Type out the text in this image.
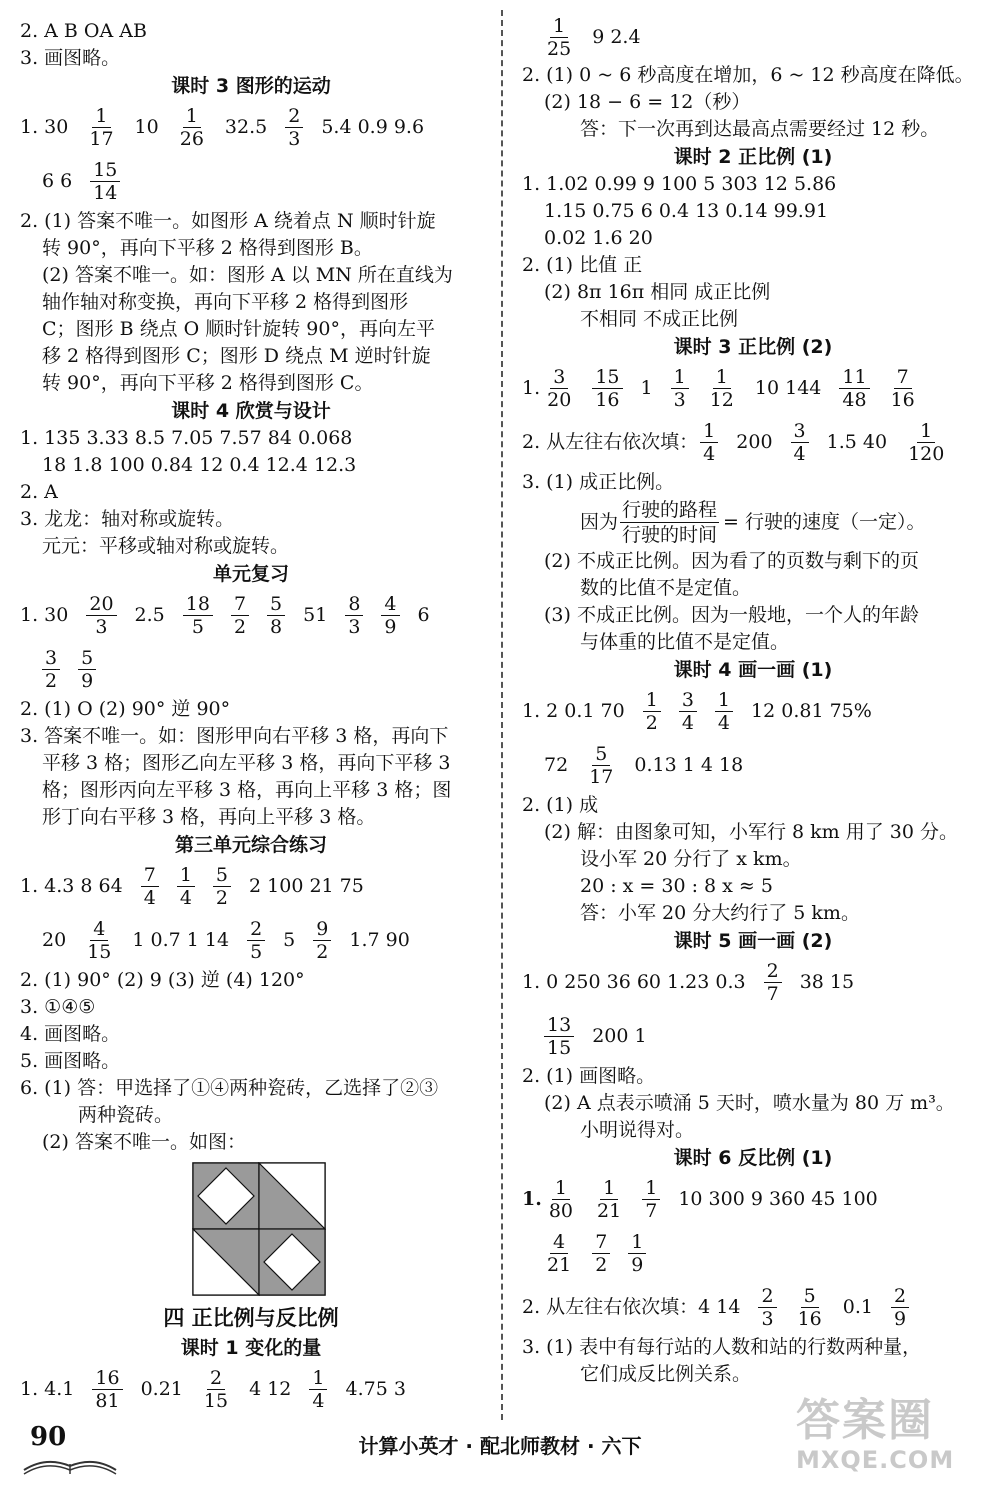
2. A B OA AB
3. 画图略。
课时 3 图形的运动
1. 30 1
17
10 1
26
32.5 2
3
5.4 0.9 9.6
6 6 15
14
2. (1) 答案不唯一。如图形 A 绕着点 N 顺时针旋
转 90°，再向下平移 2 格得到图形 B。
(2) 答案不唯一。如：图形 A 以 MN 所在直线为
轴作轴对称变换，再向下平移 2 格得到图形
C；图形 B 绕点 O 顺时针旋转 90°，再向左平
移 2 格得到图形 C；图形 D 绕点 M 逆时针旋
转 90°，再向下平移 2 格得到图形 C。
课时 4 欣赏与设计
1. 135 3.33 8.5 7.05 7.57 84 0.068
18 1.8 100 0.84 12 0.4 12.4 12.3
2. A
3. 龙龙：轴对称或旋转。
元元：平移或轴对称或旋转。
单元复习
1. 30 20
3
2.5 18
5
7
2
5
8
51 8
3
4
9
6
3
2
5
9
2. (1) O (2) 90° 逆 90°
3. 答案不唯一。如：图形甲向右平移 3 格，再向下
平移 3 格；图形乙向左平移 3 格，再向下平移 3
格；图形丙向左平移 3 格，再向上平移 3 格；图
形丁向右平移 3 格，再向上平移 3 格。
第三单元综合练习
1. 4.3 8 64 7
4
1
4
5
2
2 100 21 75
20 4
15
1 0.7 1 14 2
5
5 9
2
1.7 90
2. (1) 90° (2) 9 (3) 逆 (4) 120°
3. ①④⑤
4. 画图略。
5. 画图略。
6. (1) 答：甲选择了①④两种瓷砖，乙选择了②③
两种瓷砖。
(2) 答案不唯一。如图：
四 正比例与反比例
课时 1 变化的量
1. 4.1 16
81
0.21 2
15
4 12 1
4
4.75 3
1
25
9 2.4
2. (1) 0 ~ 6 秒高度在增加，6 ~ 12 秒高度在降低。
(2) 18 − 6 = 12（秒）
答：下一次再到达最高点需要经过 12 秒。
课时 2 正比例 (1)
1. 1.02 0.99 9 100 5 303 12 5.86
1.15 0.75 6 0.4 13 0.14 99.91
0.02 1.6 20
2. (1) 比值 正
(2) 8π 16π 相同 成正比例
不相同 不成正比例
课时 3 正比例 (2)
1. 3
20
15
16
1 1
3
1
12
10 144 11
48
7
16
2. 从左往右依次填： 1
4
200 3
4
1.5 40 1
120
3. (1) 成正比例。
因为
行驶的路程
行驶的时间
= 行驶的速度（一定）。
(2) 不成正比例。因为看了的页数与剩下的页
数的比值不是定值。
(3) 不成正比例。因为一般地，一个人的年龄
与体重的比值不是定值。
课时 4 画一画 (1)
1. 2 0.1 70 1
2
3
4
1
4
12 0.81 75%
72 5
17
0.13 1 4 18
2. (1) 成
(2) 解：由图象可知，小军行 8 km 用了 30 分。
设小军 20 分行了 x km。
20 : x = 30 : 8 x ≈ 5
答：小军 20 分大约行了 5 km。
课时 5 画一画 (2)
1. 0 250 36 60 1.23 0.3 2
7
38 15
13
15
200 1
2. (1) 画图略。
(2) A 点表示喷涌 5 天时，喷水量为 80 万 m³。
小明说得对。
课时 6 反比例 (1)
1. 1
80
1
21
1
7
10 300 9 360 45 100
4
21
7
2
1
9
2. 从左往右依次填：4 14 2
3
5
16
0.1 2
9
3. (1) 表中有每行站的人数和站的行数两种量，
它们成反比例关系。
90	计算小英才 · 配北师教材 · 六下	答案圈
MXQE.COM
